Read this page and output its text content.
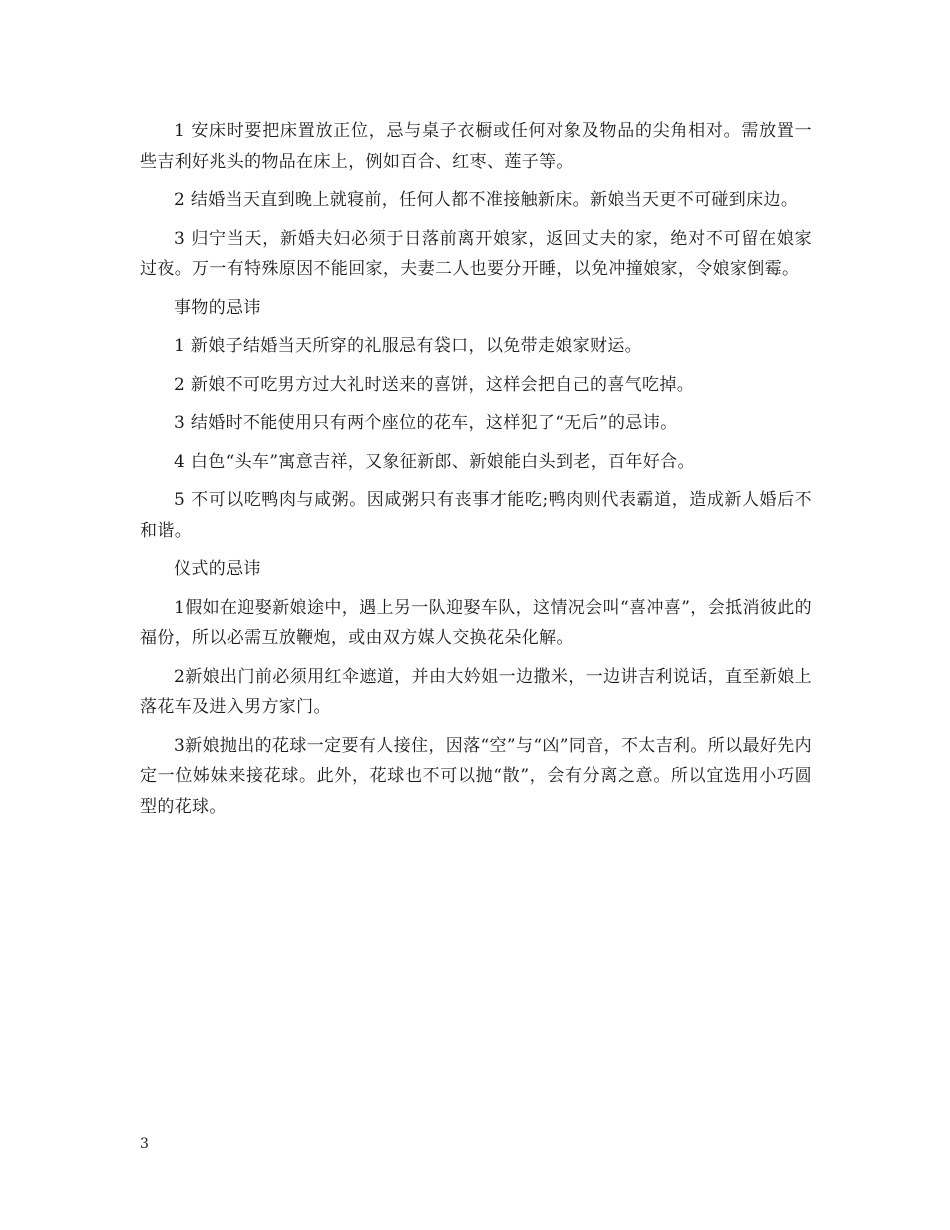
1 安床时要把床置放正位，忌与桌子衣橱或任何对象及物品的尖角相对。需放置一些吉利好兆头的物品在床上，例如百合、红枣、莲子等。

2 结婚当天直到晚上就寝前，任何人都不准接触新床。新娘当天更不可碰到床边。

3 归宁当天，新婚夫妇必须于日落前离开娘家，返回丈夫的家，绝对不可留在娘家过夜。万一有特殊原因不能回家，夫妻二人也要分开睡，以免冲撞娘家，令娘家倒霉。

事物的忌讳

1 新娘子结婚当天所穿的礼服忌有袋口，以免带走娘家财运。

2 新娘不可吃男方过大礼时送来的喜饼，这样会把自己的喜气吃掉。

3 结婚时不能使用只有两个座位的花车，这样犯了“无后”的忌讳。

4 白色“头车”寓意吉祥，又象征新郎、新娘能白头到老，百年好合。

5 不可以吃鸭肉与咸粥。因咸粥只有丧事才能吃;鸭肉则代表霸道，造成新人婚后不和谐。

仪式的忌讳

1假如在迎娶新娘途中，遇上另一队迎娶车队，这情况会叫“喜冲喜”，会抵消彼此的福份，所以必需互放鞭炮，或由双方媒人交换花朵化解。

2新娘出门前必须用红伞遮道，并由大妗姐一边撒米，一边讲吉利说话，直至新娘上落花车及进入男方家门。

3新娘抛出的花球一定要有人接住，因落“空”与“凶”同音，不太吉利。所以最好先内定一位姊妹来接花球。此外，花球也不可以抛“散”，会有分离之意。所以宜选用小巧圆型的花球。

3
